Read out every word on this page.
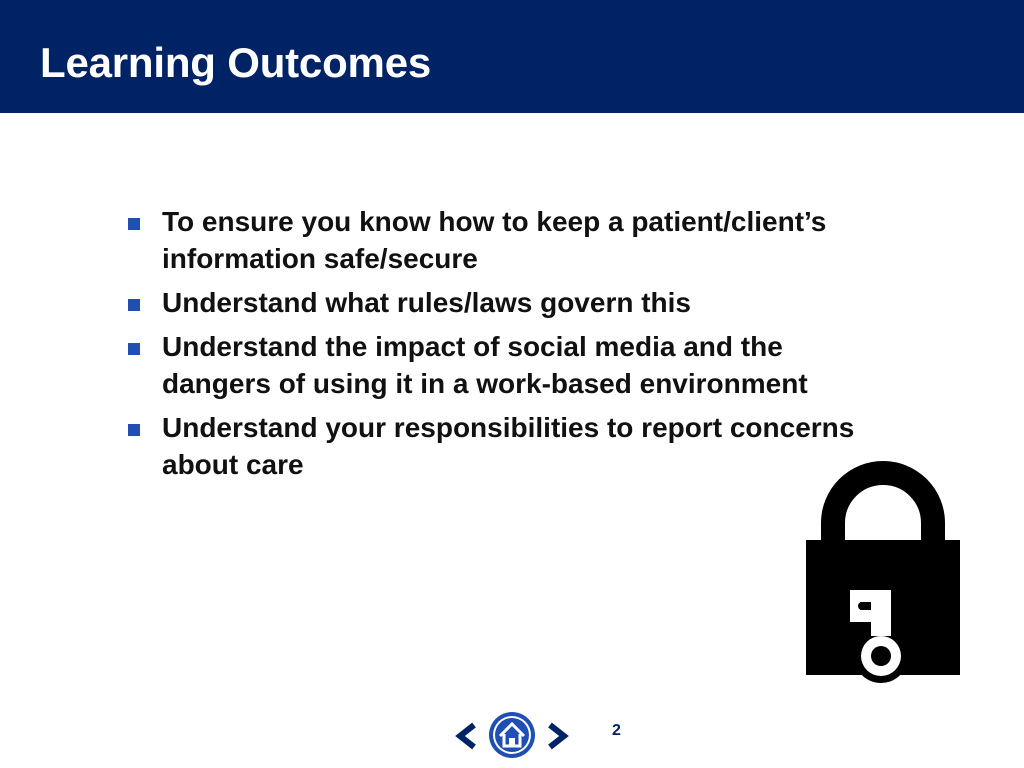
Learning Outcomes
To ensure you know how to keep a patient/client’s information safe/secure
Understand what rules/laws govern this
Understand the impact of social media and the dangers of using it in a work-based environment
Understand your responsibilities to report concerns about care
2
